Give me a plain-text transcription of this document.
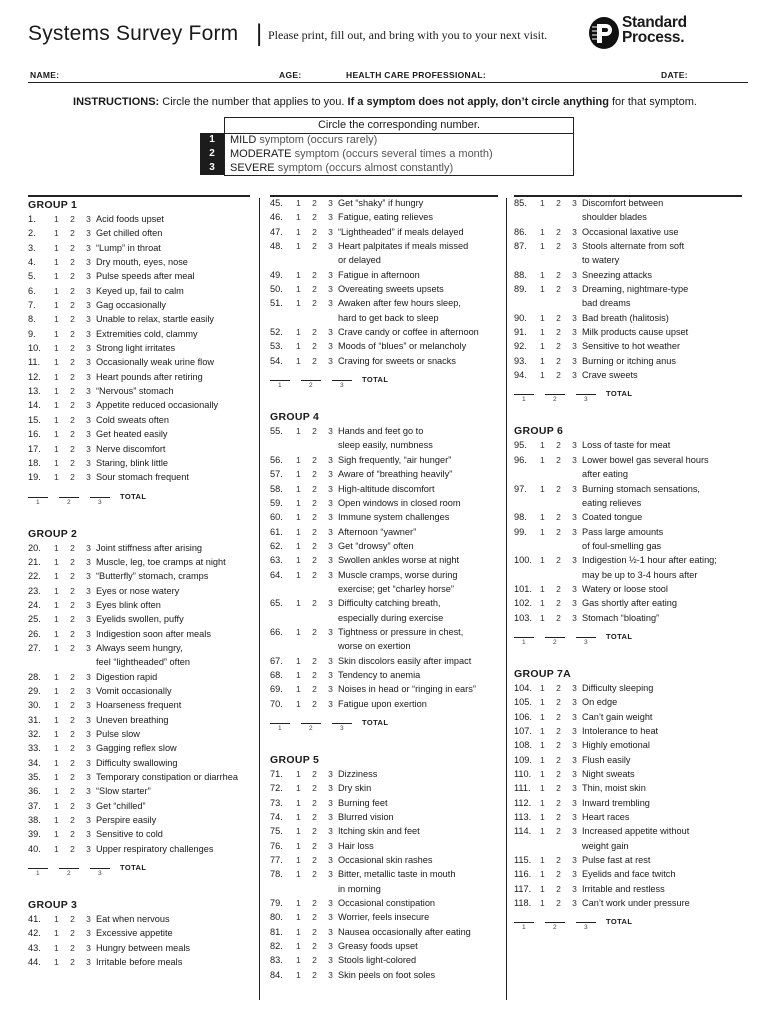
Systems Survey Form | Please print, fill out, and bring with you to your next visit.
Standard
Process.
NAME:	AGE:	HEALTH CARE PROFESSIONAL:	DATE:
INSTRUCTIONS: Circle the number that applies to you. If a symptom does not apply, don’t circle anything for that symptom.
Circle the corresponding number.
1	MILD symptom (occurs rarely)
2	MODERATE symptom (occurs several times a month)
3	SEVERE symptom (occurs almost constantly)
GROUP 1
1.	1 2 3 Acid foods upset
2.	1 2 3 Get chilled often
3.	1 2 3 “Lump” in throat
4.	1 2 3 Dry mouth, eyes, nose
5.	1 2 3 Pulse speeds after meal
6.	1 2 3 Keyed up, fail to calm
7.	1 2 3 Gag occasionally
8.	1 2 3 Unable to relax, startle easily
9.	1 2 3 Extremities cold, clammy
10.	1 2 3 Strong light irritates
11.	1 2 3 Occasionally weak urine flow
12.	1 2 3 Heart pounds after retiring
13.	1 2 3 “Nervous” stomach
14.	1 2 3 Appetite reduced occasionally
15.	1 2 3 Cold sweats often
16.	1 2 3 Get heated easily
17.	1 2 3 Nerve discomfort
18.	1 2 3 Staring, blink little
19.	1 2 3 Sour stomach frequent
1	2	3
TOTAL
GROUP 2
20.	1 2 3 Joint stiffness after arising
21.	1 2 3 Muscle, leg, toe cramps at night
22.	1 2 3 “Butterfly” stomach, cramps
23.	1 2 3 Eyes or nose watery
24.	1 2 3 Eyes blink often
25.	1 2 3 Eyelids swollen, puffy
26.	1 2 3 Indigestion soon after meals
27.	1 2 3 Always seem hungry,
feel “lightheaded” often
28.	1 2 3 Digestion rapid
29.	1 2 3 Vomit occasionally
30.	1 2 3 Hoarseness frequent
31.	1 2 3 Uneven breathing
32.	1 2 3 Pulse slow
33.	1 2 3 Gagging reflex slow
34.	1 2 3 Difficulty swallowing
35.	1 2 3 Temporary constipation or diarrhea
36.	1 2 3 “Slow starter”
37.	1 2 3 Get “chilled”
38.	1 2 3 Perspire easily
39.	1 2 3 Sensitive to cold
40.	1 2 3 Upper respiratory challenges
1	2	3
TOTAL
GROUP 3
41.	1 2 3 Eat when nervous
42.	1 2 3 Excessive appetite
43.	1 2 3 Hungry between meals
44.	1 2 3 Irritable before meals
45.	1 2 3 Get “shaky” if hungry
46.	1 2 3 Fatigue, eating relieves
47.	1 2 3 “Lightheaded” if meals delayed
48.	1 2 3 Heart palpitates if meals missed
or delayed
49.	1 2 3 Fatigue in afternoon
50.	1 2 3 Overeating sweets upsets
51.	1 2 3 Awaken after few hours sleep,
hard to get back to sleep
52.	1 2 3 Crave candy or coffee in afternoon
53.	1 2 3 Moods of “blues” or melancholy
54.	1 2 3 Craving for sweets or snacks
1	2	3
TOTAL
GROUP 4
55.	1 2 3 Hands and feet go to
sleep easily, numbness
56.	1 2 3 Sigh frequently, “air hunger”
57.	1 2 3 Aware of “breathing heavily”
58.	1 2 3 High-altitude discomfort
59.	1 2 3 Open windows in closed room
60.	1 2 3 Immune system challenges
61.	1 2 3 Afternoon “yawner”
62.	1 2 3 Get “drowsy” often
63.	1 2 3 Swollen ankles worse at night
64.	1 2 3 Muscle cramps, worse during
exercise; get “charley horse”
65.	1 2 3 Difficulty catching breath,
especially during exercise
66.	1 2 3 Tightness or pressure in chest,
worse on exertion
67.	1 2 3 Skin discolors easily after impact
68.	1 2 3 Tendency to anemia
69.	1 2 3 Noises in head or “ringing in ears”
70.	1 2 3 Fatigue upon exertion
1	2	3
TOTAL
GROUP 5
71.	1 2 3 Dizziness
72.	1 2 3 Dry skin
73.	1 2 3 Burning feet
74.	1 2 3 Blurred vision
75.	1 2 3 Itching skin and feet
76.	1 2 3 Hair loss
77.	1 2 3 Occasional skin rashes
78.	1 2 3 Bitter, metallic taste in mouth
in morning
79.	1 2 3 Occasional constipation
80.	1 2 3 Worrier, feels insecure
81.	1 2 3 Nausea occasionally after eating
82.	1 2 3 Greasy foods upset
83.	1 2 3 Stools light-colored
84.	1 2 3 Skin peels on foot soles
85.	1 2 3 Discomfort between
shoulder blades
86.	1 2 3 Occasional laxative use
87.	1 2 3 Stools alternate from soft
to watery
88.	1 2 3 Sneezing attacks
89.	1 2 3 Dreaming, nightmare-type
bad dreams
90.	1 2 3 Bad breath (halitosis)
91.	1 2 3 Milk products cause upset
92.	1 2 3 Sensitive to hot weather
93.	1 2 3 Burning or itching anus
94.	1 2 3 Crave sweets
1	2	3
TOTAL
GROUP 6
95.	1 2 3 Loss of taste for meat
96.	1 2 3 Lower bowel gas several hours
after eating
97.	1 2 3 Burning stomach sensations,
eating relieves
98.	1 2 3 Coated tongue
99.	1 2 3 Pass large amounts
of foul-smelling gas
100. 1 2 3 Indigestion ½-1 hour after eating;
may be up to 3-4 hours after
101. 1 2 3 Watery or loose stool
102. 1 2 3 Gas shortly after eating
103. 1 2 3 Stomach “bloating”
1	2	3
TOTAL
GROUP 7A
104. 1 2 3 Difficulty sleeping
105. 1 2 3 On edge
106. 1 2 3 Can’t gain weight
107. 1 2 3 Intolerance to heat
108. 1 2 3 Highly emotional
109. 1 2 3 Flush easily
110.	1 2 3 Night sweats
111.	1 2 3 Thin, moist skin
112.	1 2 3 Inward trembling
113.	1 2 3 Heart races
114.	1 2 3 Increased appetite without
weight gain
115.	1 2 3 Pulse fast at rest
116.	1 2 3 Eyelids and face twitch
117.	1 2 3 Irritable and restless
118.	1 2 3 Can’t work under pressure
1	2	3
TOTAL
